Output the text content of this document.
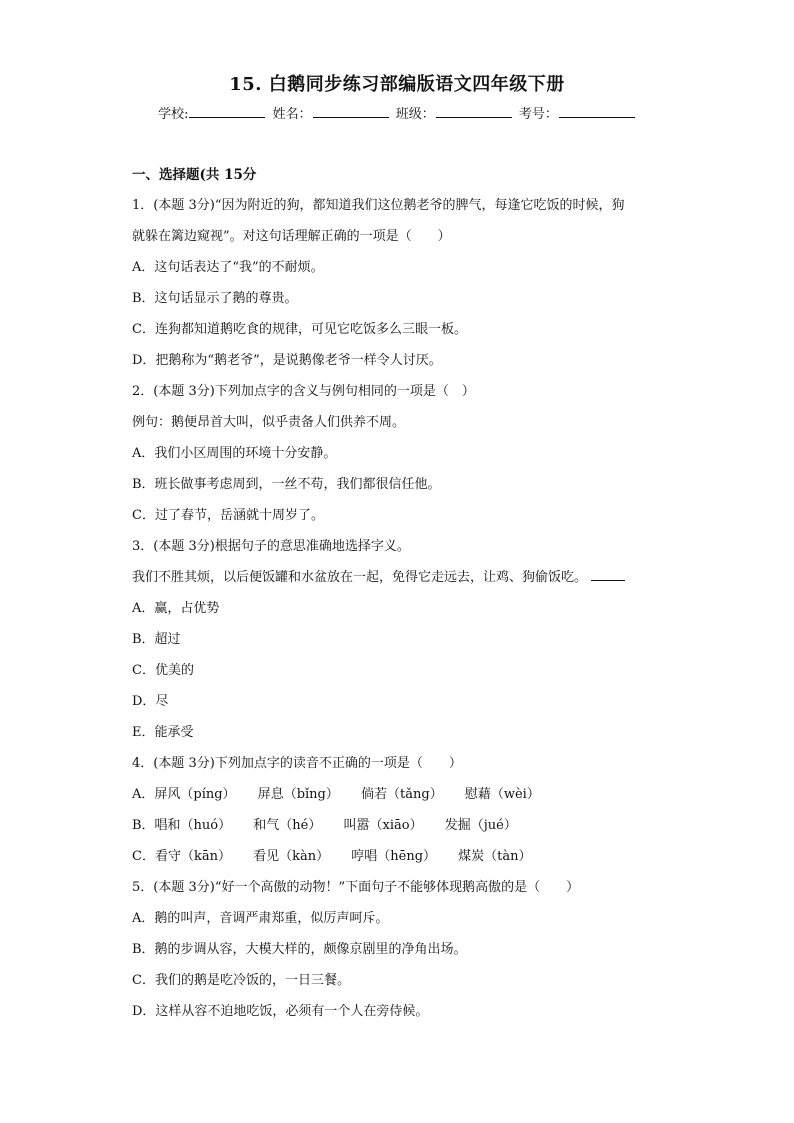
15. 白鹅同步练习部编版语文四年级下册
学校:	姓名：	班级：	考号：
一、选择题(共 15分
1．(本题 3分)“因为附近的狗，都知道我们这位鹅老爷的脾气，每逢它吃饭的时候，狗
就躲在篱边窥视”。对这句话理解正确的一项是（　　）
A．这句话表达了“我”的不耐烦。
B．这句话显示了鹅的尊贵。
C．连狗都知道鹅吃食的规律，可见它吃饭多么三眼一板。
D．把鹅称为“鹅老爷”，是说鹅像老爷一样令人讨厌。
2．(本题 3分)下列加点字的含义与例句相同的一项是（　）
例句：鹅便昂首大叫，似乎责备人们供养不周。
A．我们小区周围的环境十分安静。
B．班长做事考虑周到，一丝不苟，我们都很信任他。
C．过了春节，岳涵就十周岁了。
3．(本题 3分)根据句子的意思准确地选择字义。
我们不胜其烦，以后便饭罐和水盆放在一起，免得它走远去，让鸡、狗偷饭吃。
A．赢，占优势
B．超过
C．优美的
D．尽
E．能承受
4．(本题 3分)下列加点字的读音不正确的一项是（　　）
A．屏风（píng） 屏息（bǐng） 倘若（tǎng） 慰藉（wèi）
B．唱和（huó） 和气（hé） 叫嚣（xiāo） 发掘（jué）
C．看守（kān） 看见（kàn） 哼唱（hēng） 煤炭（tàn）
5．(本题 3分)“好一个高傲的动物！”下面句子不能够体现鹅高傲的是（　　）
A．鹅的叫声，音调严肃郑重，似厉声呵斥。
B．鹅的步调从容，大模大样的，颇像京剧里的净角出场。
C．我们的鹅是吃冷饭的，一日三餐。
D．这样从容不迫地吃饭，必须有一个人在旁侍候。
